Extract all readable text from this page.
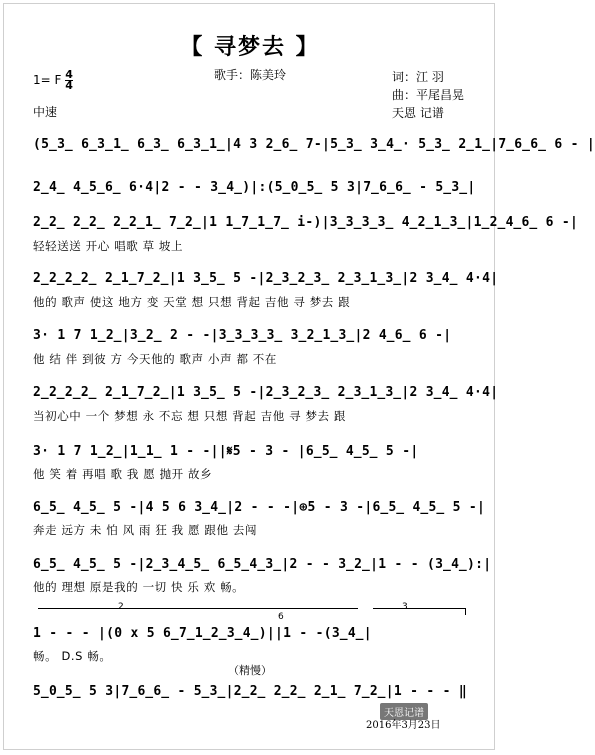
【 寻梦去 】
歌手：陈美玲
1= F $\frac{4}{4}$	词：江 羽
曲：平尾昌晃
天恩 记谱
中速
(5̲3̲ 6̲3̲1̲ 6̲3̲ 6̲3̲1̲|4 3 2̲6̲ 7-|5̲3̲ 3̲4̲· 5̲3̲ 2̲1̲|7̲6̲6̲ 6 - |
2̲4̲ 4̲5̲6̲ 6·4|2 - - 3̲4̲)|:(5̲0̲5̲ 5 3|7̲6̲6̲ - 5̲3̲|
2̲2̲ 2̲2̲ 2̲2̲1̲ 7̲2̲|1 1̲7̲1̲7̲ i-)|3̲3̲3̲3̲ 4̲2̲1̲3̲|1̲2̲4̲6̲ 6 -|
轻轻送送 开心 唱歌 草 坡上
2̲2̲2̲2̲ 2̲1̲7̲2̲|1 3̲5̲ 5 -|2̲3̲2̲3̲ 2̲3̲1̲3̲|2 3̲4̲ 4·4|
他的 歌声 使这 地方 变 天堂 想 只想 背起 吉他 寻 梦去 跟
3· 1 7 1̲2̲|3̲2̲ 2 - -|3̲3̲3̲3̲ 3̲2̲1̲3̲|2 4̲6̲ 6 -|
他 结 伴 到彼 方 今天他的 歌声 小声 都 不在
2̲2̲2̲2̲ 2̲1̲7̲2̲|1 3̲5̲ 5 -|2̲3̲2̲3̲ 2̲3̲1̲3̲|2 3̲4̲ 4·4|
当初心中 一个 梦想 永 不忘 想 只想 背起 吉他 寻 梦去 跟
3· 1 7 1̲2̲|1̲1̲ 1 - -||𝄋5 - 3 - |6̲5̲ 4̲5̲ 5 -|
他 笑 着 再唱 歌 我 愿 抛开 故乡
6̲5̲ 4̲5̲ 5 -|4 5 6 3̲4̲|2 - - -|⊕5 - 3 -|6̲5̲ 4̲5̲ 5 -|
奔走 远方 未 怕 风 雨 狂 我 愿 跟他 去闯
6̲5̲ 4̲5̲ 5 -|2̲3̲4̲5̲ 6̲5̲4̲3̲|2 - - 3̲2̲|1 - - (3̲4̲):|
他的 理想 原是我的 一切 快 乐 欢 畅。
2	3
6
1 - - - |(0 x 5 6̲7̲1̲2̲3̲4̲)||1 - -(3̲4̲|
畅。 D.S 畅。
（精慢）
5̲0̲5̲ 5 3|7̲6̲6̲ - 5̲3̲|2̲2̲ 2̲2̲ 2̲1̲ 7̲2̲|1 - - - ‖
天恩记谱
2016年3月23日
